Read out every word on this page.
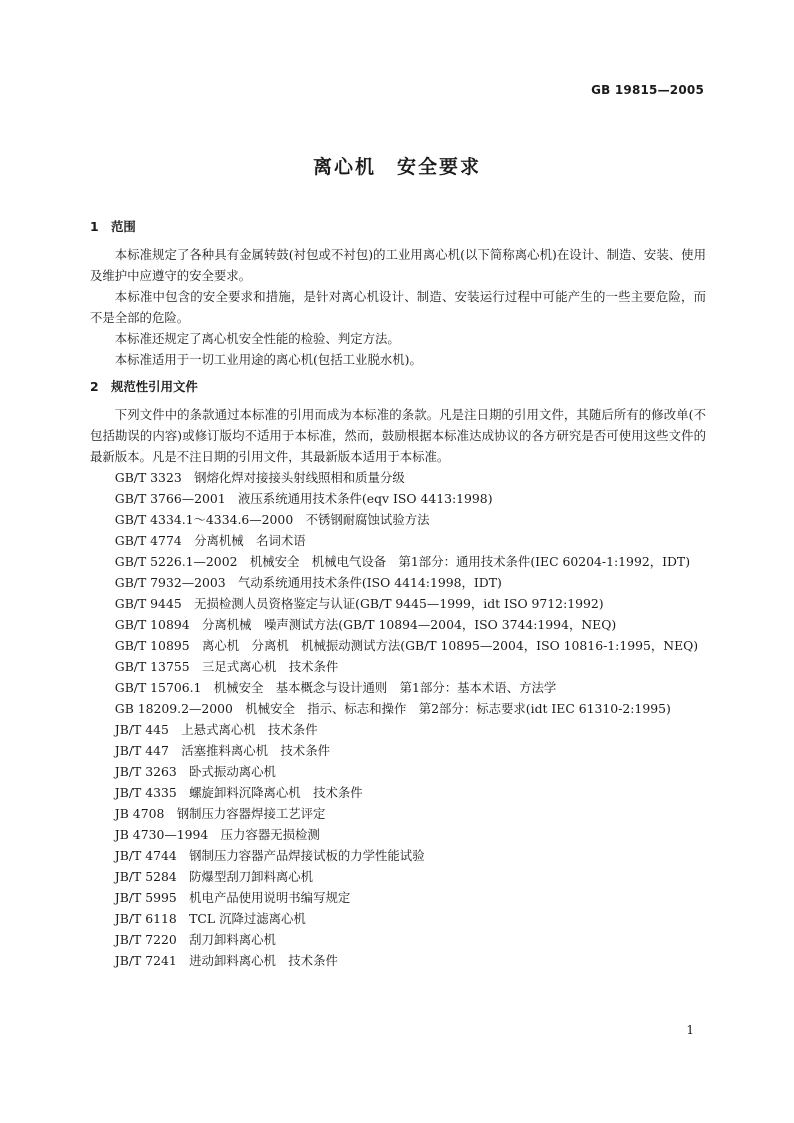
GB 19815—2005
离心机　安全要求
1　范围

本标准规定了各种具有金属转鼓(衬包或不衬包)的工业用离心机(以下简称离心机)在设计、制造、安装、使用及维护中应遵守的安全要求。

本标准中包含的安全要求和措施，是针对离心机设计、制造、安装运行过程中可能产生的一些主要危险，而不是全部的危险。

本标准还规定了离心机安全性能的检验、判定方法。

本标准适用于一切工业用途的离心机(包括工业脱水机)。

2　规范性引用文件

下列文件中的条款通过本标准的引用而成为本标准的条款。凡是注日期的引用文件，其随后所有的修改单(不包括勘误的内容)或修订版均不适用于本标准，然而，鼓励根据本标准达成协议的各方研究是否可使用这些文件的最新版本。凡是不注日期的引用文件，其最新版本适用于本标准。

GB/T 3323　钢熔化焊对接接头射线照相和质量分级
GB/T 3766—2001　液压系统通用技术条件(eqv ISO 4413:1998)
GB/T 4334.1～4334.6—2000　不锈钢耐腐蚀试验方法
GB/T 4774　分离机械　名词术语
GB/T 5226.1—2002　机械安全　机械电气设备　第1部分：通用技术条件(IEC 60204-1:1992，IDT)
GB/T 7932—2003　气动系统通用技术条件(ISO 4414:1998，IDT)
GB/T 9445　无损检测人员资格鉴定与认证(GB/T 9445—1999，idt ISO 9712:1992)
GB/T 10894　分离机械　噪声测试方法(GB/T 10894—2004，ISO 3744:1994，NEQ)
GB/T 10895　离心机　分离机　机械振动测试方法(GB/T 10895—2004，ISO 10816-1:1995，NEQ)
GB/T 13755　三足式离心机　技术条件
GB/T 15706.1　机械安全　基本概念与设计通则　第1部分：基本术语、方法学
GB 18209.2—2000　机械安全　指示、标志和操作　第2部分：标志要求(idt IEC 61310-2:1995)
JB/T 445　上悬式离心机　技术条件
JB/T 447　活塞推料离心机　技术条件
JB/T 3263　卧式振动离心机
JB/T 4335　螺旋卸料沉降离心机　技术条件
JB 4708　钢制压力容器焊接工艺评定
JB 4730—1994　压力容器无损检测
JB/T 4744　钢制压力容器产品焊接试板的力学性能试验
JB/T 5284　防爆型刮刀卸料离心机
JB/T 5995　机电产品使用说明书编写规定
JB/T 6118　TCL 沉降过滤离心机
JB/T 7220　刮刀卸料离心机
JB/T 7241　进动卸料离心机　技术条件
1
